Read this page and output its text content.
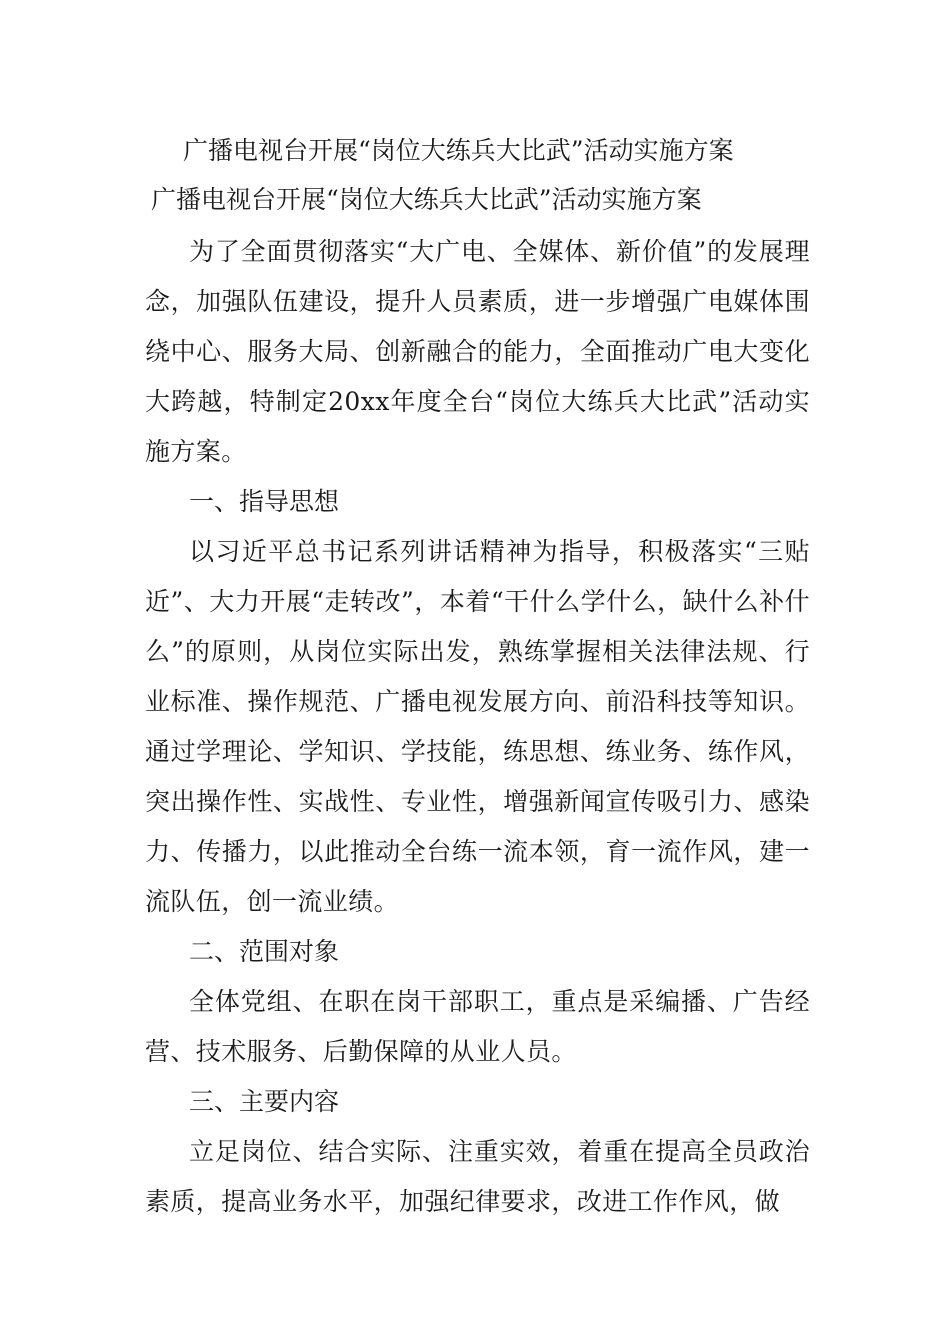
广播电视台开展“岗位大练兵大比武”活动实施方案
广播电视台开展“岗位大练兵大比武”活动实施方案

为了全面贯彻落实“大广电、全媒体、新价值”的发展理念，加强队伍建设，提升人员素质，进一步增强广电媒体围绕中心、服务大局、创新融合的能力，全面推动广电大变化大跨越，特制定20xx年度全台“岗位大练兵大比武”活动实施方案。

一、指导思想

以习近平总书记系列讲话精神为指导，积极落实“三贴近”、大力开展“走转改”，本着“干什么学什么，缺什么补什么”的原则，从岗位实际出发，熟练掌握相关法律法规、行业标准、操作规范、广播电视发展方向、前沿科技等知识。通过学理论、学知识、学技能，练思想、练业务、练作风，突出操作性、实战性、专业性，增强新闻宣传吸引力、感染力、传播力，以此推动全台练一流本领，育一流作风，建一流队伍，创一流业绩。

二、范围对象

全体党组、在职在岗干部职工，重点是采编播、广告经营、技术服务、后勤保障的从业人员。

三、主要内容

立足岗位、结合实际、注重实效，着重在提高全员政治素质，提高业务水平，加强纪律要求，改进工作作风，做
